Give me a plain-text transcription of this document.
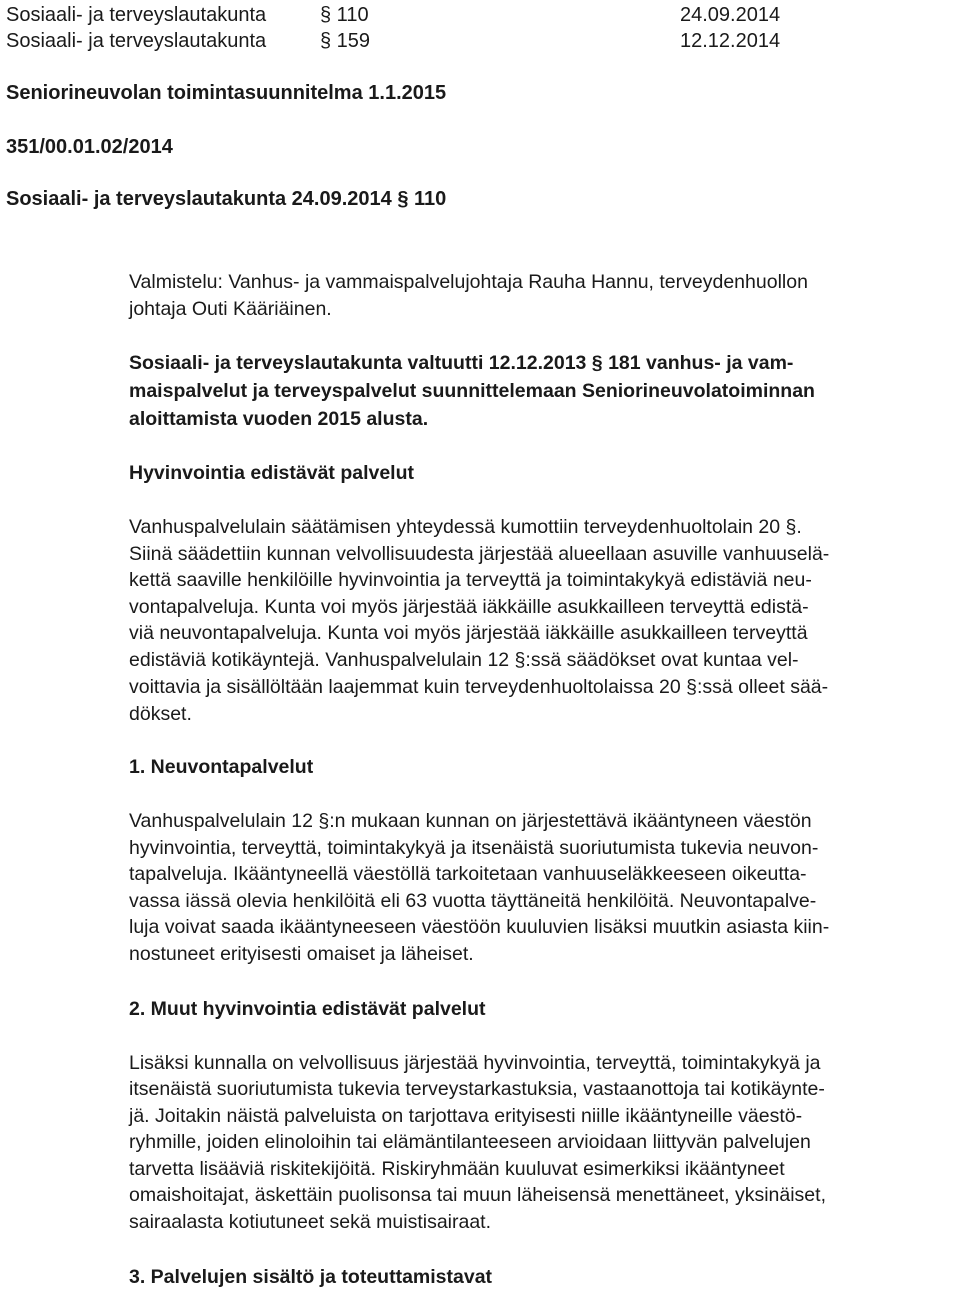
Sosiaali- ja terveyslautakunta	§ 110	24.09.2014
Sosiaali- ja terveyslautakunta	§ 159	12.12.2014
Seniorineuvolan toimintasuunnitelma 1.1.2015
351/00.01.02/2014
Sosiaali- ja terveyslautakunta 24.09.2014 § 110
Valmistelu: Vanhus- ja vammaispalvelujohtaja Rauha Hannu, terveydenhuollon
johtaja Outi Kääriäinen.
Sosiaali- ja terveyslautakunta valtuutti 12.12.2013 § 181 vanhus- ja vam-
maispalvelut ja terveyspalvelut suunnittelemaan Seniorineuvolatoiminnan
aloittamista vuoden 2015 alusta.
Hyvinvointia edistävät palvelut
Vanhuspalvelulain säätämisen yhteydessä kumottiin terveydenhuoltolain 20 §.
Siinä säädettiin kunnan velvollisuudesta järjestää alueellaan asuville vanhuuselä-
kettä saaville henkilöille hyvinvointia ja terveyttä ja toimintakykyä edistäviä neu-
vontapalveluja. Kunta voi myös järjestää iäkkäille asukkailleen terveyttä edistä-
viä neuvontapalveluja. Kunta voi myös järjestää iäkkäille asukkailleen terveyttä
edistäviä kotikäyntejä. Vanhuspalvelulain 12 §:ssä säädökset ovat kuntaa vel-
voittavia ja sisällöltään laajemmat kuin terveydenhuoltolaissa 20 §:ssä olleet sää-
dökset.
1. Neuvontapalvelut
Vanhuspalvelulain 12 §:n mukaan kunnan on järjestettävä ikääntyneen väestön
hyvinvointia, terveyttä, toimintakykyä ja itsenäistä suoriutumista tukevia neuvon-
tapalveluja. Ikääntyneellä väestöllä tarkoitetaan vanhuuseläkkeeseen oikeutta-
vassa iässä olevia henkilöitä eli 63 vuotta täyttäneitä henkilöitä. Neuvontapalve-
luja voivat saada ikääntyneeseen väestöön kuuluvien lisäksi muutkin asiasta kiin-
nostuneet erityisesti omaiset ja läheiset.
2. Muut hyvinvointia edistävät palvelut
Lisäksi kunnalla on velvollisuus järjestää hyvinvointia, terveyttä, toimintakykyä ja
itsenäistä suoriutumista tukevia terveystarkastuksia, vastaanottoja tai kotikäynte-
jä. Joitakin näistä palveluista on tarjottava erityisesti niille ikääntyneille väestö-
ryhmille, joiden elinoloihin tai elämäntilanteeseen arvioidaan liittyvän palvelujen
tarvetta lisääviä riskitekijöitä. Riskiryhmään kuuluvat esimerkiksi ikääntyneet
omaishoitajat, äskettäin puolisonsa tai muun läheisensä menettäneet, yksinäiset,
sairaalasta kotiutuneet sekä muistisairaat.
3. Palvelujen sisältö ja toteuttamistavat
